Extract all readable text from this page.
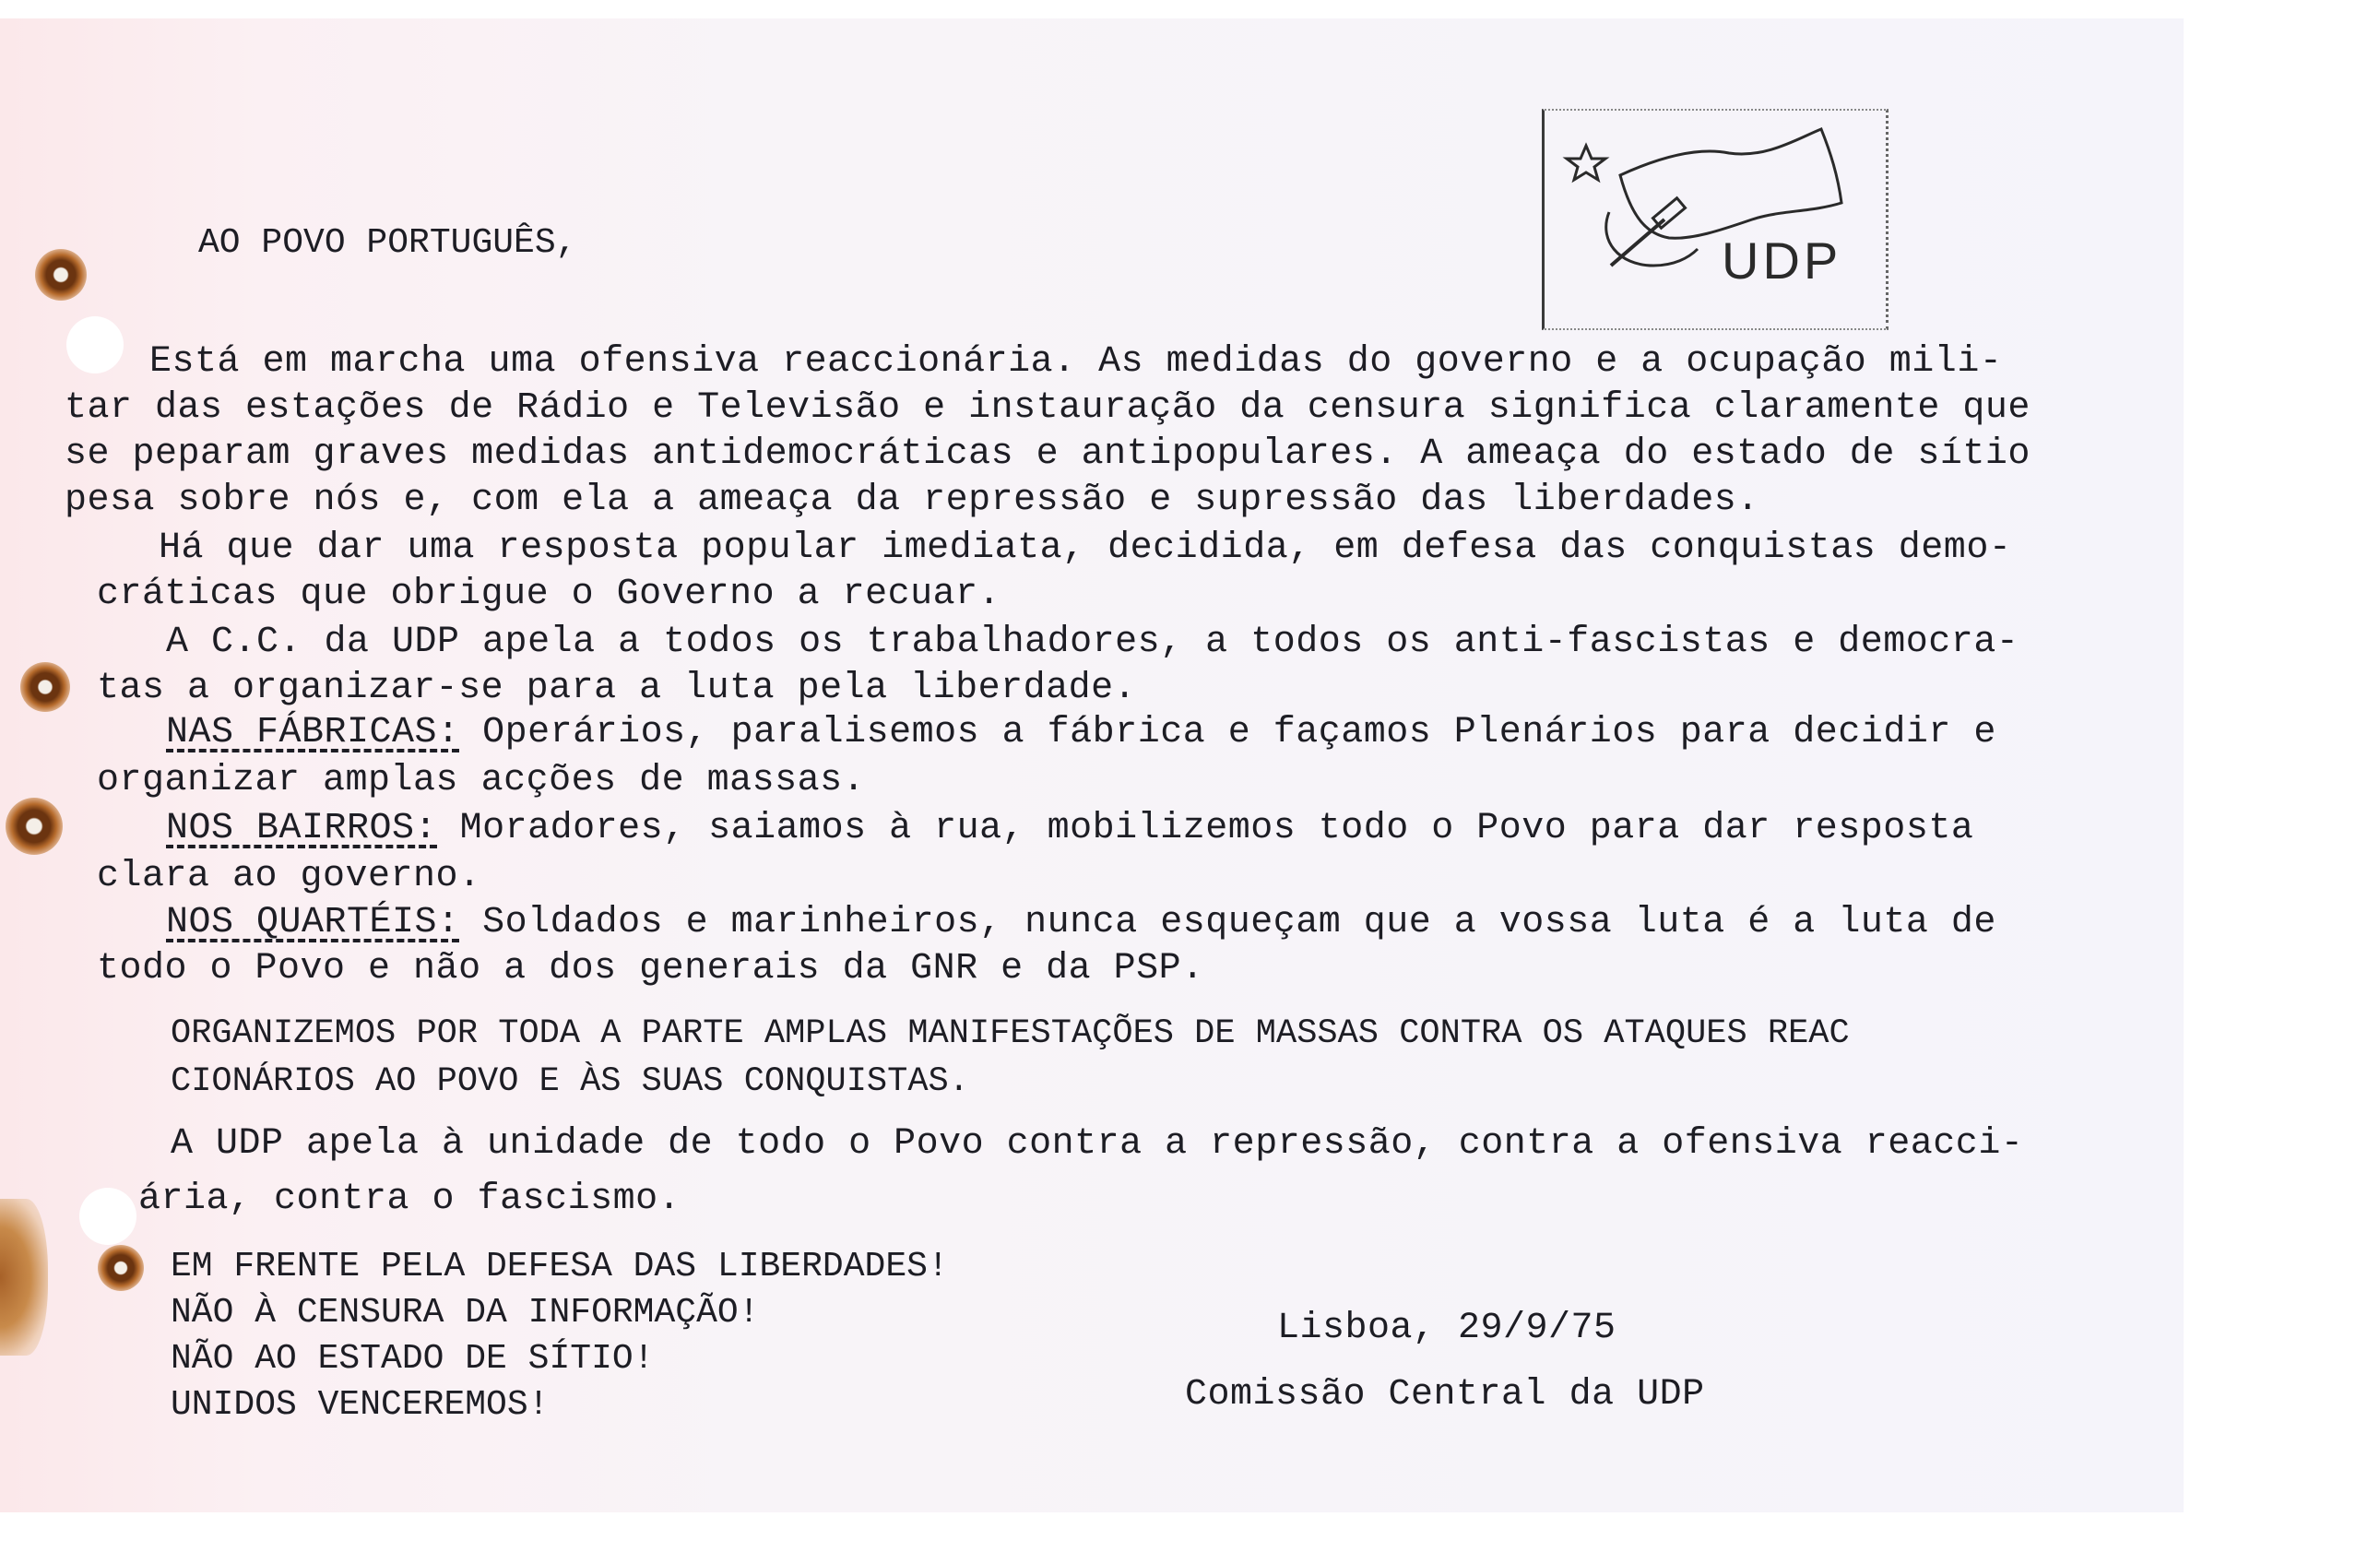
UDP
AO POVO PORTUGUÊS,
Está em marcha uma ofensiva reaccionária. As medidas do governo e a ocupação mili-
tar das estações de Rádio e Televisão e instauração da censura significa claramente que
se peparam graves medidas antidemocráticas e antipopulares. A ameaça do estado de sítio
pesa sobre nós e, com ela a ameaça da repressão e supressão das liberdades.
Há que dar uma resposta popular imediata, decidida, em defesa das conquistas demo-
cráticas que obrigue o Governo a recuar.
A C.C. da UDP apela a todos os trabalhadores, a todos os anti-fascistas e democra-
tas a organizar-se para a luta pela liberdade.
NAS FÁBRICAS: Operários, paralisemos a fábrica e façamos Plenários para decidir e
organizar amplas acções de massas.
NOS BAIRROS: Moradores, saiamos à rua, mobilizemos todo o Povo para dar resposta
clara ao governo.
NOS QUARTÉIS: Soldados e marinheiros, nunca esqueçam que a vossa luta é a luta de
todo o Povo e não a dos generais da GNR e da PSP.
ORGANIZEMOS POR TODA A PARTE AMPLAS MANIFESTAÇÕES DE MASSAS CONTRA OS ATAQUES REAC
CIONÁRIOS AO POVO E ÀS SUAS CONQUISTAS.
A UDP apela à unidade de todo o Povo contra a repressão, contra a ofensiva reacci-
ária, contra o fascismo.
EM FRENTE PELA DEFESA DAS LIBERDADES!
NÃO À CENSURA DA INFORMAÇÃO!
NÃO AO ESTADO DE SÍTIO!
UNIDOS VENCEREMOS!
Lisboa, 29/9/75
Comissão Central da UDP
